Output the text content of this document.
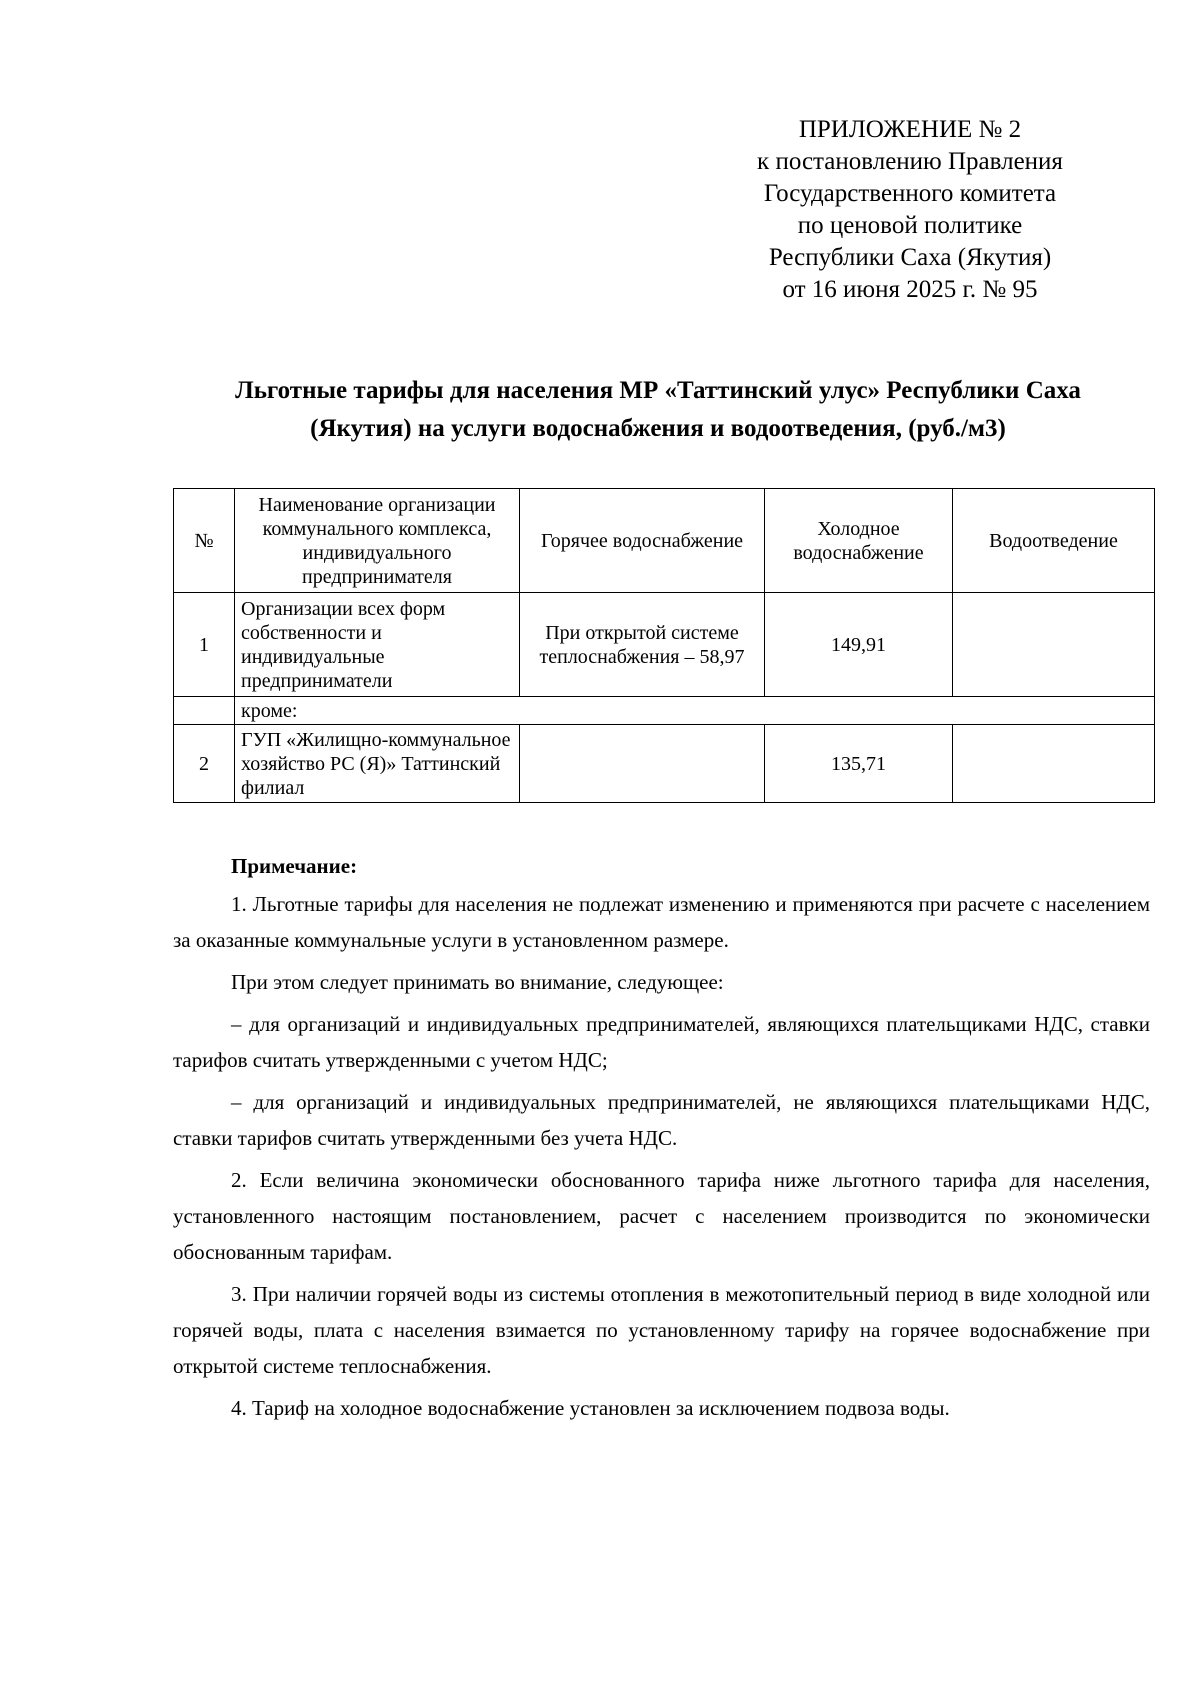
ПРИЛОЖЕНИЕ № 2
к постановлению Правления
Государственного комитета
по ценовой политике
Республики Саха (Якутия)
от 16 июня 2025 г. № 95
Льготные тарифы для населения МР «Таттинский улус» Республики Саха
(Якутия) на услуги водоснабжения и водоотведения, (руб./м3)
№	Наименование организации коммунального комплекса, индивидуального предпринимателя	Горячее водоснабжение	Холодное водоснабжение	Водоотведение
1	Организации всех форм собственности и индивидуальные предприниматели	При открытой системе теплоснабжения – 58,97	149,91	
	кроме:			
2	ГУП «Жилищно-коммунальное хозяйство РС (Я)» Таттинский филиал		135,71	

Примечание:

1. Льготные тарифы для населения не подлежат изменению и применяются при расчете с населением за оказанные коммунальные услуги в установленном размере.

При этом следует принимать во внимание, следующее:

– для организаций и индивидуальных предпринимателей, являющихся плательщиками НДС, ставки тарифов считать утвержденными с учетом НДС;

– для организаций и индивидуальных предпринимателей, не являющихся плательщиками НДС, ставки тарифов считать утвержденными без учета НДС.

2. Если величина экономически обоснованного тарифа ниже льготного тарифа для населения, установленного настоящим постановлением, расчет с населением производится по экономически обоснованным тарифам.

3. При наличии горячей воды из системы отопления в межотопительный период в виде холодной или горячей воды, плата с населения взимается по установленному тарифу на горячее водоснабжение при открытой системе теплоснабжения.

4. Тариф на холодное водоснабжение установлен за исключением подвоза воды.
